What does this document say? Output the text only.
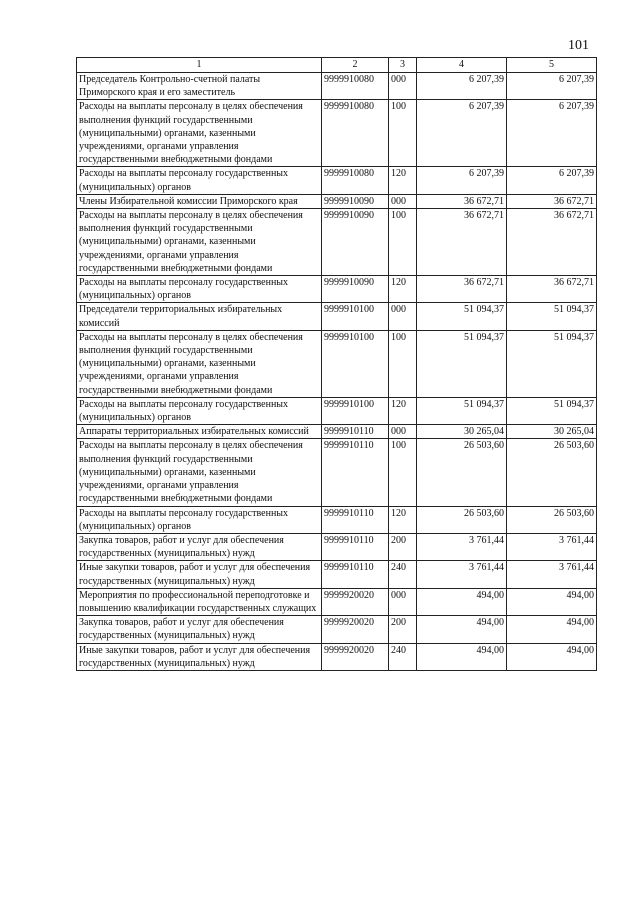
101
1	2	3	4	5
Председатель Контрольно-счетной палаты Приморского края и его заместитель	9999910080	000	6 207,39	6 207,39
Расходы на выплаты персоналу в целях обеспечения выполнения функций государственными (муниципальными) органами, казенными учреждениями, органами управления государственными внебюджетными фондами	9999910080	100	6 207,39	6 207,39
Расходы на выплаты персоналу государственных (муниципальных) органов	9999910080	120	6 207,39	6 207,39
Члены Избирательной комиссии Приморского края	9999910090	000	36 672,71	36 672,71
Расходы на выплаты персоналу в целях обеспечения выполнения функций государственными (муниципальными) органами, казенными учреждениями, органами управления государственными внебюджетными фондами	9999910090	100	36 672,71	36 672,71
Расходы на выплаты персоналу государственных (муниципальных) органов	9999910090	120	36 672,71	36 672,71
Председатели территориальных избирательных комиссий	9999910100	000	51 094,37	51 094,37
Расходы на выплаты персоналу в целях обеспечения выполнения функций государственными (муниципальными) органами, казенными учреждениями, органами управления государственными внебюджетными фондами	9999910100	100	51 094,37	51 094,37
Расходы на выплаты персоналу государственных (муниципальных) органов	9999910100	120	51 094,37	51 094,37
Аппараты территориальных избирательных комиссий	9999910110	000	30 265,04	30 265,04
Расходы на выплаты персоналу в целях обеспечения выполнения функций государственными (муниципальными) органами, казенными учреждениями, органами управления государственными внебюджетными фондами	9999910110	100	26 503,60	26 503,60
Расходы на выплаты персоналу государственных (муниципальных) органов	9999910110	120	26 503,60	26 503,60
Закупка товаров, работ и услуг для обеспечения государственных (муниципальных) нужд	9999910110	200	3 761,44	3 761,44
Иные закупки товаров, работ и услуг для обеспечения государственных (муниципальных) нужд	9999910110	240	3 761,44	3 761,44
Мероприятия по профессиональной переподготовке и повышению квалификации государственных служащих	9999920020	000	494,00	494,00
Закупка товаров, работ и услуг для обеспечения государственных (муниципальных) нужд	9999920020	200	494,00	494,00
Иные закупки товаров, работ и услуг для обеспечения государственных (муниципальных) нужд	9999920020	240	494,00	494,00
